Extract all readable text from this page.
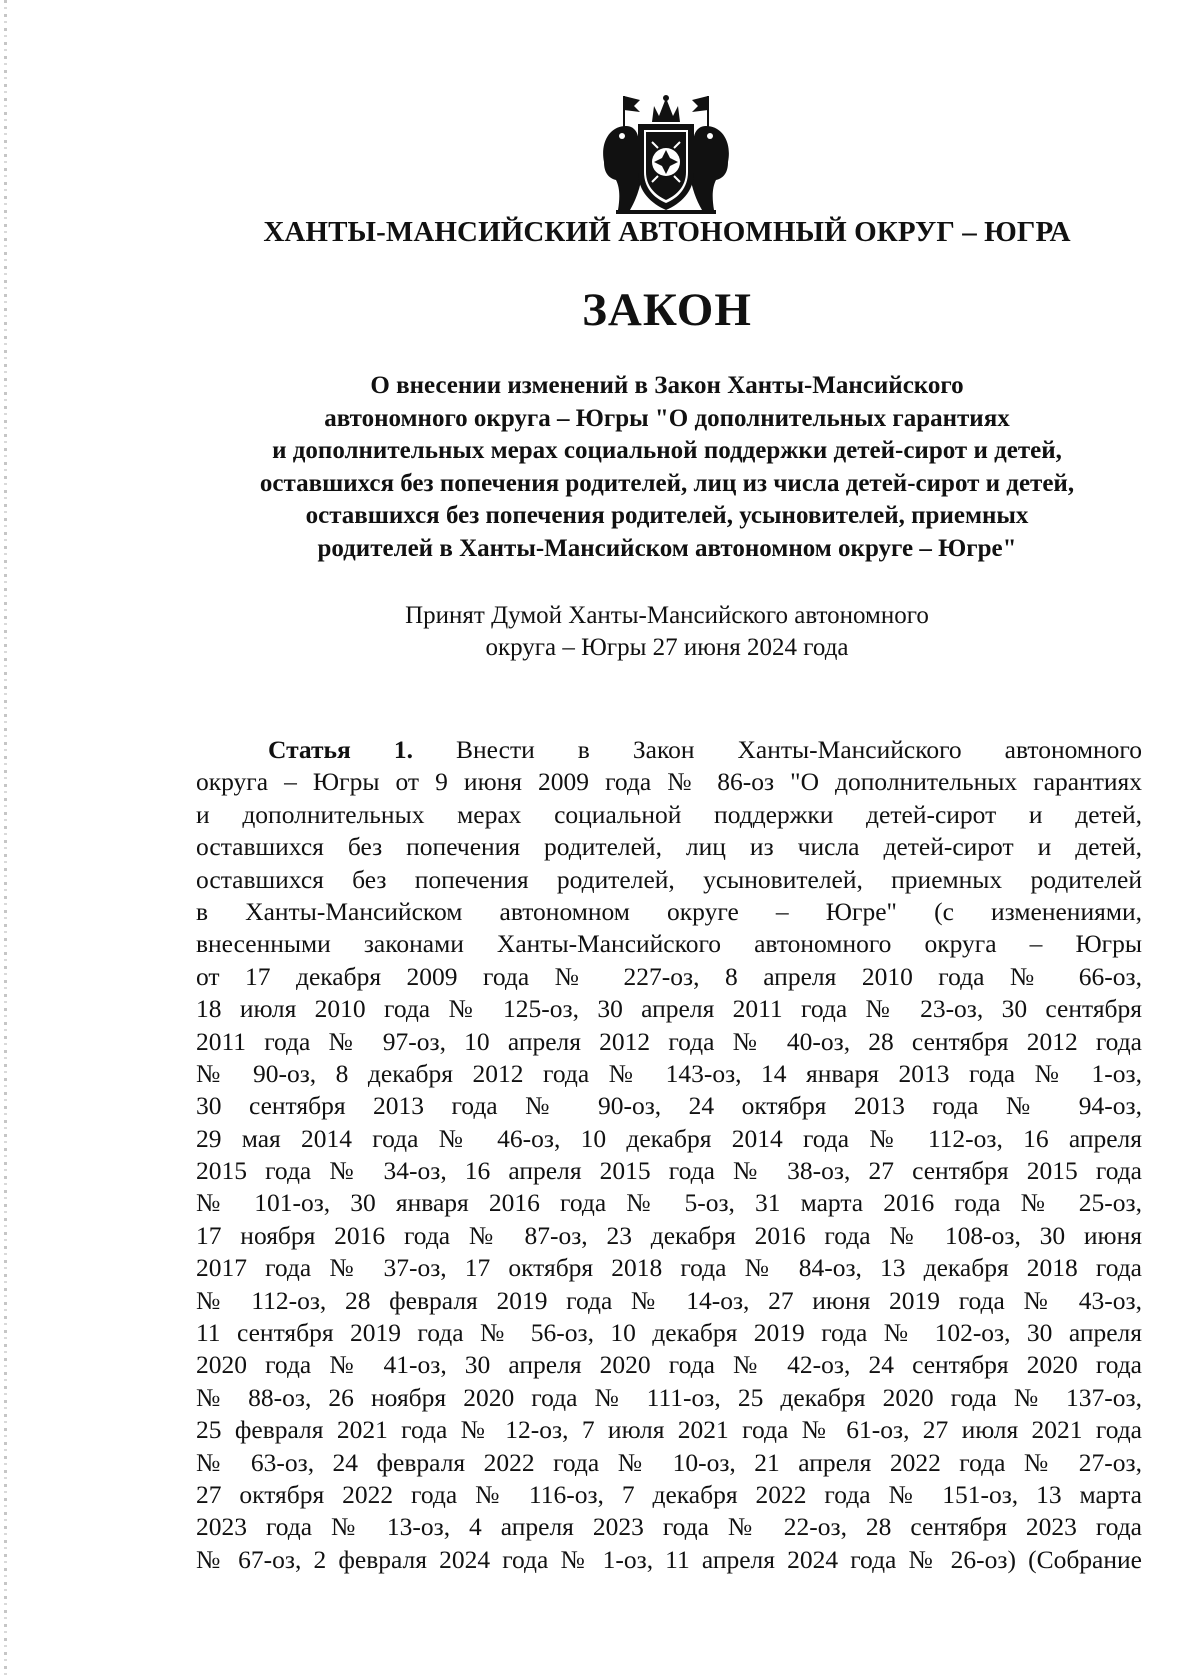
ХАНТЫ-МАНСИЙСКИЙ АВТОНОМНЫЙ ОКРУГ – ЮГРА
ЗАКОН
О внесении изменений в Закон Ханты-Мансийского
автономного округа – Югры "О дополнительных гарантиях
и дополнительных мерах социальной поддержки детей-сирот и детей,
оставшихся без попечения родителей, лиц из числа детей-сирот и детей,
оставшихся без попечения родителей, усыновителей, приемных
родителей в Ханты-Мансийском автономном округе – Югре"
Принят Думой Ханты-Мансийского автономного
округа – Югры 27 июня 2024 года
Статья 1. Внести в Закон Ханты-Мансийского автономного
округа – Югры от 9 июня 2009 года № 86-оз "О дополнительных гарантиях
и дополнительных мерах социальной поддержки детей-сирот и детей,
оставшихся без попечения родителей, лиц из числа детей-сирот и детей,
оставшихся без попечения родителей, усыновителей, приемных родителей
в Ханты-Мансийском автономном округе – Югре" (с изменениями,
внесенными законами Ханты-Мансийского автономного округа – Югры
от 17 декабря 2009 года № 227-оз, 8 апреля 2010 года № 66-оз,
18 июля 2010 года № 125-оз, 30 апреля 2011 года № 23-оз, 30 сентября
2011 года № 97-оз, 10 апреля 2012 года № 40-оз, 28 сентября 2012 года
№ 90-оз, 8 декабря 2012 года № 143-оз, 14 января 2013 года № 1-оз,
30 сентября 2013 года № 90-оз, 24 октября 2013 года № 94-оз,
29 мая 2014 года № 46-оз, 10 декабря 2014 года № 112-оз, 16 апреля
2015 года № 34-оз, 16 апреля 2015 года № 38-оз, 27 сентября 2015 года
№ 101-оз, 30 января 2016 года № 5-оз, 31 марта 2016 года № 25-оз,
17 ноября 2016 года № 87-оз, 23 декабря 2016 года № 108-оз, 30 июня
2017 года № 37-оз, 17 октября 2018 года № 84-оз, 13 декабря 2018 года
№ 112-оз, 28 февраля 2019 года № 14-оз, 27 июня 2019 года № 43-оз,
11 сентября 2019 года № 56-оз, 10 декабря 2019 года № 102-оз, 30 апреля
2020 года № 41-оз, 30 апреля 2020 года № 42-оз, 24 сентября 2020 года
№ 88-оз, 26 ноября 2020 года № 111-оз, 25 декабря 2020 года № 137-оз,
25 февраля 2021 года № 12-оз, 7 июля 2021 года № 61-оз, 27 июля 2021 года
№ 63-оз, 24 февраля 2022 года № 10-оз, 21 апреля 2022 года № 27-оз,
27 октября 2022 года № 116-оз, 7 декабря 2022 года № 151-оз, 13 марта
2023 года № 13-оз, 4 апреля 2023 года № 22-оз, 28 сентября 2023 года
№ 67-оз, 2 февраля 2024 года № 1-оз, 11 апреля 2024 года № 26-оз) (Собрание
